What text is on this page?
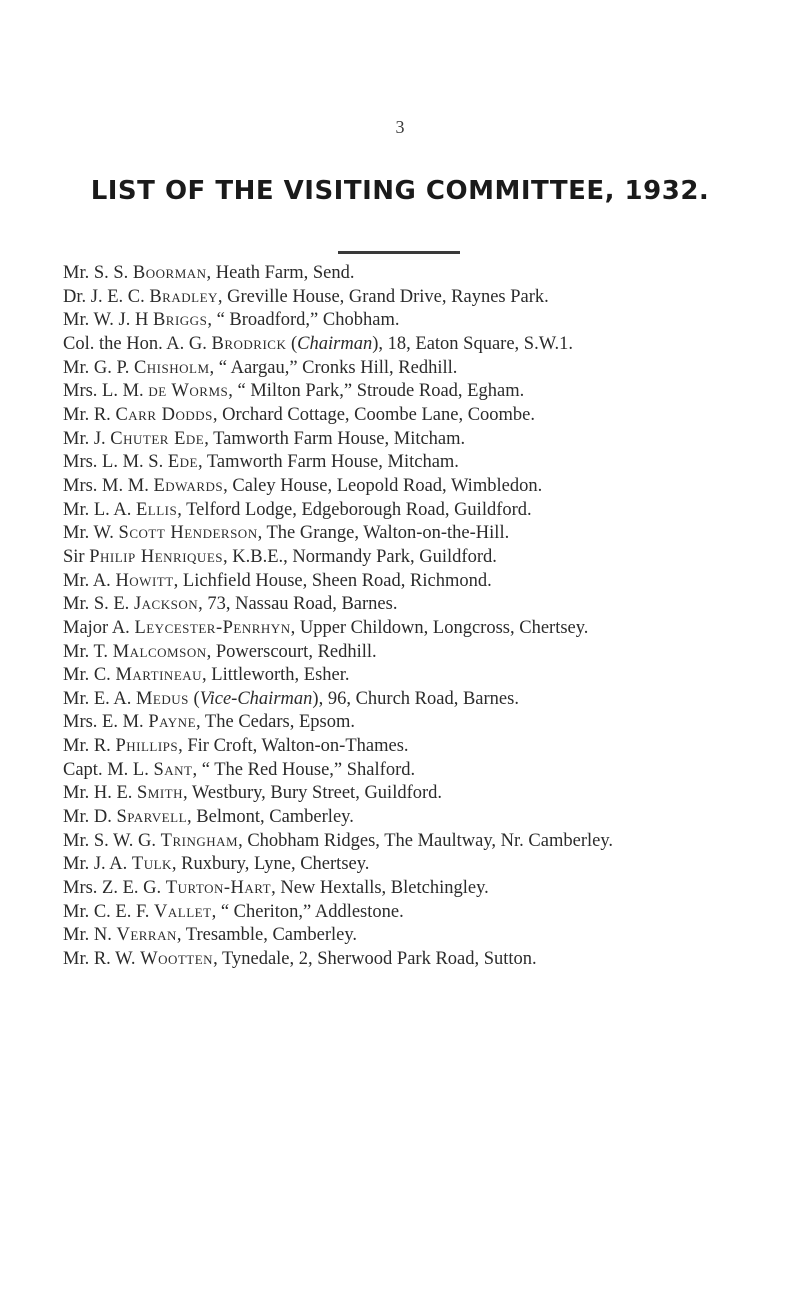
3
LIST OF THE VISITING COMMITTEE, 1932.
Mr. S. S. Boorman, Heath Farm, Send.
Dr. J. E. C. Bradley, Greville House, Grand Drive, Raynes Park.
Mr. W. J. H Briggs, “ Broadford,” Chobham.
Col. the Hon. A. G. Brodrick (Chairman), 18, Eaton Square, S.W.1.
Mr. G. P. Chisholm, “ Aargau,” Cronks Hill, Redhill.
Mrs. L. M. de Worms, “ Milton Park,” Stroude Road, Egham.
Mr. R. Carr Dodds, Orchard Cottage, Coombe Lane, Coombe.
Mr. J. Chuter Ede, Tamworth Farm House, Mitcham.
Mrs. L. M. S. Ede, Tamworth Farm House, Mitcham.
Mrs. M. M. Edwards, Caley House, Leopold Road, Wimbledon.
Mr. L. A. Ellis, Telford Lodge, Edgeborough Road, Guildford.
Mr. W. Scott Henderson, The Grange, Walton-on-the-Hill.
Sir Philip Henriques, K.B.E., Normandy Park, Guildford.
Mr. A. Howitt, Lichfield House, Sheen Road, Richmond.
Mr. S. E. Jackson, 73, Nassau Road, Barnes.
Major A. Leycester-Penrhyn, Upper Childown, Longcross, Chertsey.
Mr. T. Malcomson, Powerscourt, Redhill.
Mr. C. Martineau, Littleworth, Esher.
Mr. E. A. Medus (Vice-Chairman), 96, Church Road, Barnes.
Mrs. E. M. Payne, The Cedars, Epsom.
Mr. R. Phillips, Fir Croft, Walton-on-Thames.
Capt. M. L. Sant, “ The Red House,” Shalford.
Mr. H. E. Smith, Westbury, Bury Street, Guildford.
Mr. D. Sparvell, Belmont, Camberley.
Mr. S. W. G. Tringham, Chobham Ridges, The Maultway, Nr. Camberley.
Mr. J. A. Tulk, Ruxbury, Lyne, Chertsey.
Mrs. Z. E. G. Turton-Hart, New Hextalls, Bletchingley.
Mr. C. E. F. Vallet, “ Cheriton,” Addlestone.
Mr. N. Verran, Tresamble, Camberley.
Mr. R. W. Wootten, Tynedale, 2, Sherwood Park Road, Sutton.
